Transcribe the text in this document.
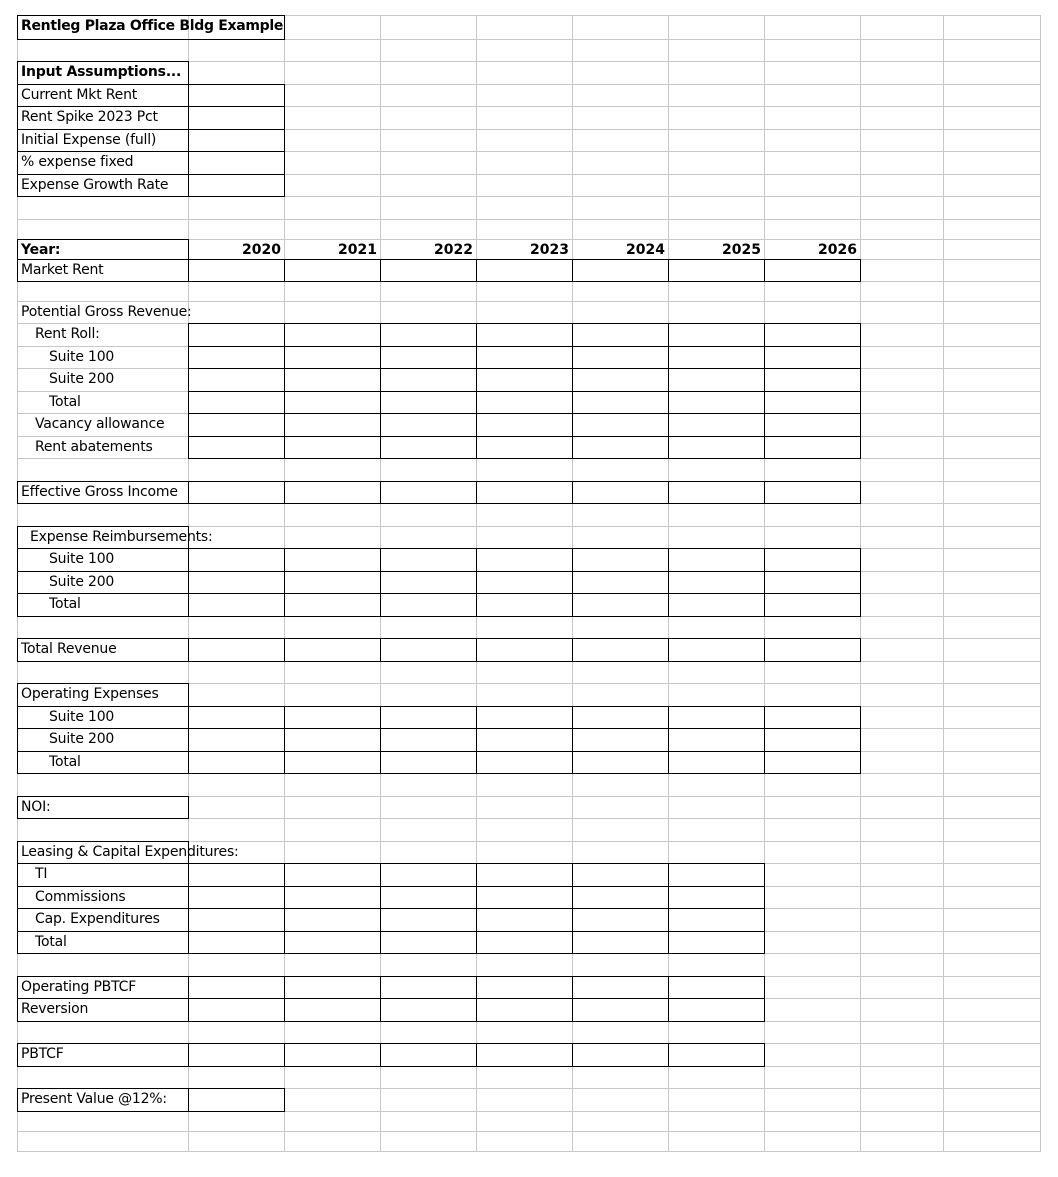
Rentleg Plaza Office Bldg Example
Input Assumptions...
Current Mkt Rent
Rent Spike 2023 Pct
Initial Expense (full)
% expense fixed
Expense Growth Rate
Year:	2020	2021	2022	2023	2024	2025	2026
Market Rent
Potential Gross Revenue:
Rent Roll:
Suite 100
Suite 200
Total
Vacancy allowance
Rent abatements
Effective Gross Income
Expense Reimbursements:
Suite 100
Suite 200
Total
Total Revenue
Operating Expenses
Suite 100
Suite 200
Total
NOI:
Leasing & Capital Expenditures:
TI
Commissions
Cap. Expenditures
Total
Operating PBTCF
Reversion
PBTCF
Present Value @12%:
